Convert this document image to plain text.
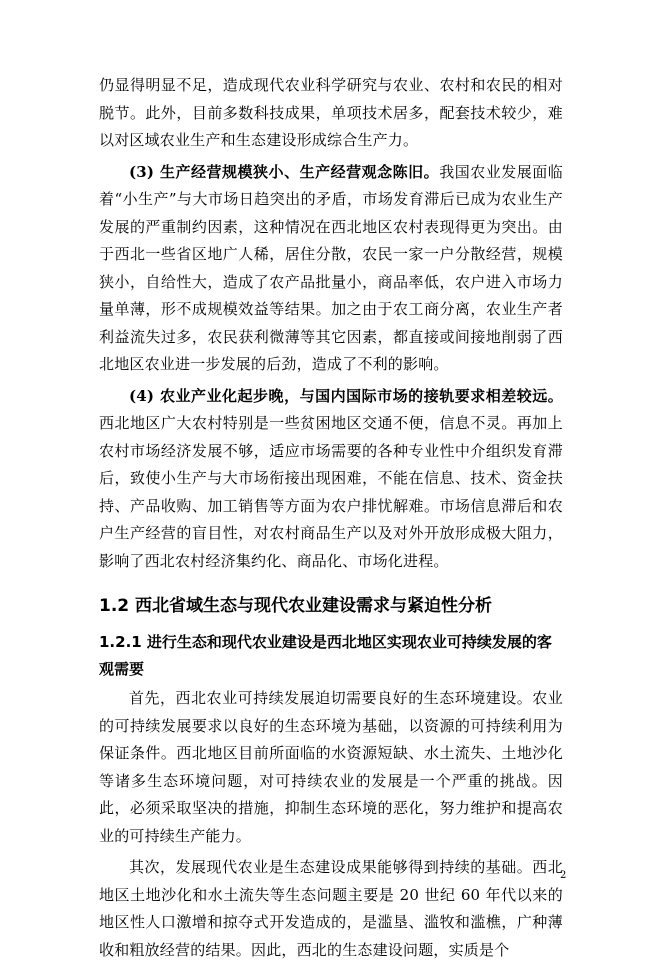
仍显得明显不足，造成现代农业科学研究与农业、农村和农民的相对脱节。此外，目前多数科技成果，单项技术居多，配套技术较少，难以对区域农业生产和生态建设形成综合生产力。

(3) 生产经营规模狭小、生产经营观念陈旧。我国农业发展面临着“小生产”与大市场日趋突出的矛盾，市场发育滞后已成为农业生产发展的严重制约因素，这种情况在西北地区农村表现得更为突出。由于西北一些省区地广人稀，居住分散，农民一家一户分散经营，规模狭小，自给性大，造成了农产品批量小，商品率低，农户进入市场力量单薄，形不成规模效益等结果。加之由于农工商分离，农业生产者利益流失过多，农民获利微薄等其它因素，都直接或间接地削弱了西北地区农业进一步发展的后劲，造成了不利的影响。

(4) 农业产业化起步晚，与国内国际市场的接轨要求相差较远。西北地区广大农村特别是一些贫困地区交通不便，信息不灵。再加上农村市场经济发展不够，适应市场需要的各种专业性中介组织发育滞后，致使小生产与大市场衔接出现困难，不能在信息、技术、资金扶持、产品收购、加工销售等方面为农户排忧解难。市场信息滞后和农户生产经营的盲目性，对农村商品生产以及对外开放形成极大阻力，影响了西北农村经济集约化、商品化、市场化进程。

1.2 西北省域生态与现代农业建设需求与紧迫性分析
1.2.1 进行生态和现代农业建设是西北地区实现农业可持续发展的客观需要

首先，西北农业可持续发展迫切需要良好的生态环境建设。农业的可持续发展要求以良好的生态环境为基础，以资源的可持续利用为保证条件。西北地区目前所面临的水资源短缺、水土流失、土地沙化等诸多生态环境问题，对可持续农业的发展是一个严重的挑战。因此，必须采取坚决的措施，抑制生态环境的恶化，努力维护和提高农业的可持续生产能力。

其次，发展现代农业是生态建设成果能够得到持续的基础。西北地区土地沙化和水土流失等生态问题主要是 20 世纪 60 年代以来的地区性人口激增和掠夺式开发造成的，是滥垦、滥牧和滥樵，广种薄收和粗放经营的结果。因此，西北的生态建设问题，实质是个

2
